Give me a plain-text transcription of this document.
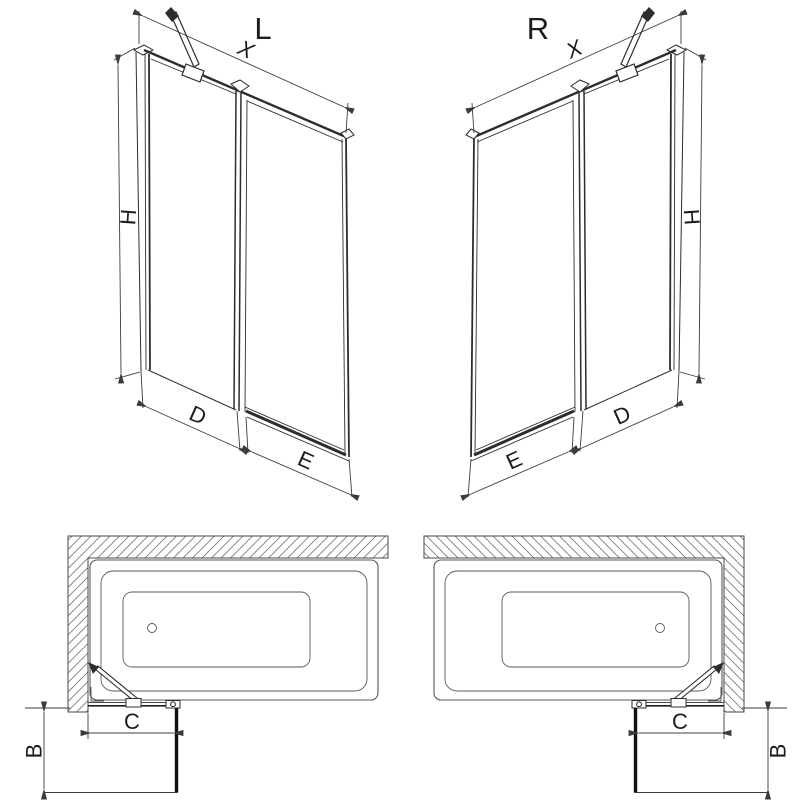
L
X
H
D
E
R
X
H
D
E
C
B
C
B
